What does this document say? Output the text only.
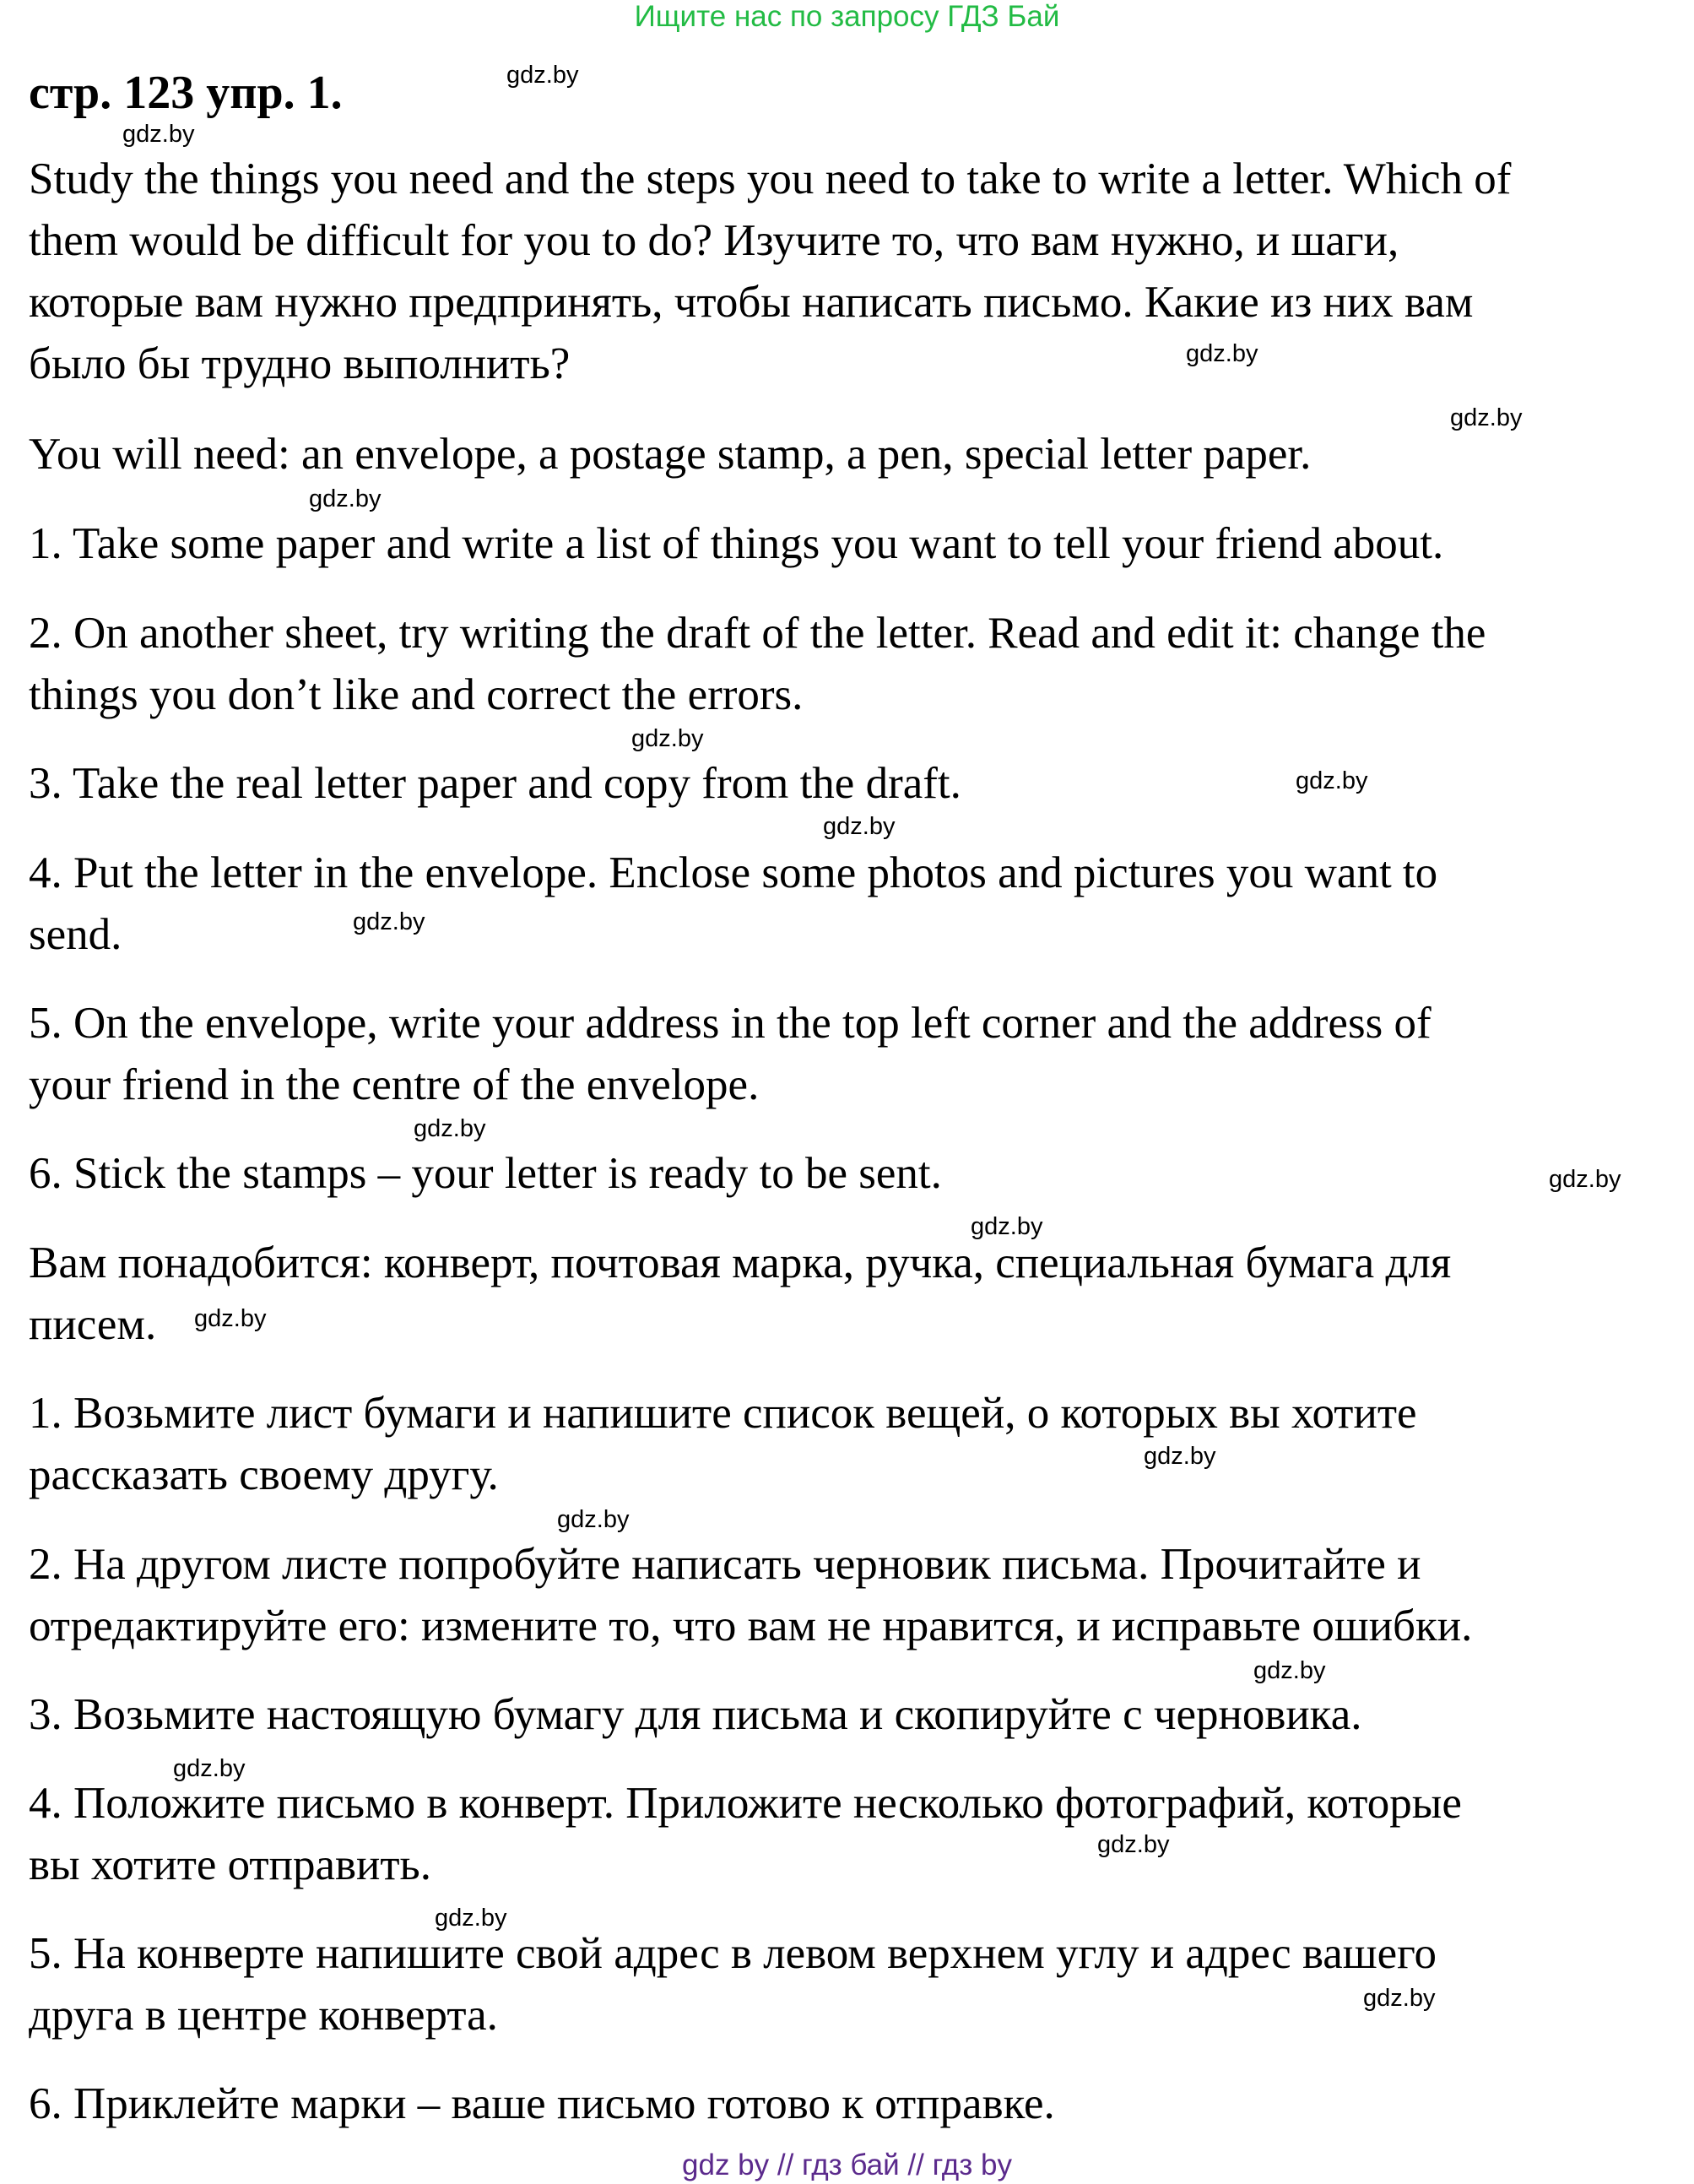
Ищите нас по запросу ГДЗ Бай
стр. 123 упр. 1.
Study the things you need and the steps you need to take to write a letter. Which of
them would be difficult for you to do? Изучите то, что вам нужно, и шаги,
которые вам нужно предпринять, чтобы написать письмо. Какие из них вам
было бы трудно выполнить?
You will need: an envelope, a postage stamp, a pen, special letter paper.
1. Take some paper and write a list of things you want to tell your friend about.
2. On another sheet, try writing the draft of the letter. Read and edit it: change the
things you don’t like and correct the errors.
3. Take the real letter paper and copy from the draft.
4. Put the letter in the envelope. Enclose some photos and pictures you want to
send.
5. On the envelope, write your address in the top left corner and the address of
your friend in the centre of the envelope.
6. Stick the stamps – your letter is ready to be sent.
Вам понадобится: конверт, почтовая марка, ручка, специальная бумага для
писем.
1. Возьмите лист бумаги и напишите список вещей, о которых вы хотите
рассказать своему другу.
2. На другом листе попробуйте написать черновик письма. Прочитайте и
отредактируйте его: измените то, что вам не нравится, и исправьте ошибки.
3. Возьмите настоящую бумагу для письма и скопируйте с черновика.
4. Положите письмо в конверт. Приложите несколько фотографий, которые
вы хотите отправить.
5. На конверте напишите свой адрес в левом верхнем углу и адрес вашего
друга в центре конверта.
6. Приклейте марки – ваше письмо готово к отправке.
gdz.by
gdz.by
gdz.by
gdz.by
gdz.by
gdz.by
gdz.by
gdz.by
gdz.by
gdz.by
gdz.by
gdz.by
gdz.by
gdz.by
gdz.by
gdz.by
gdz.by
gdz.by
gdz.by
gdz.by
gdz by // гдз бай // гдз by
